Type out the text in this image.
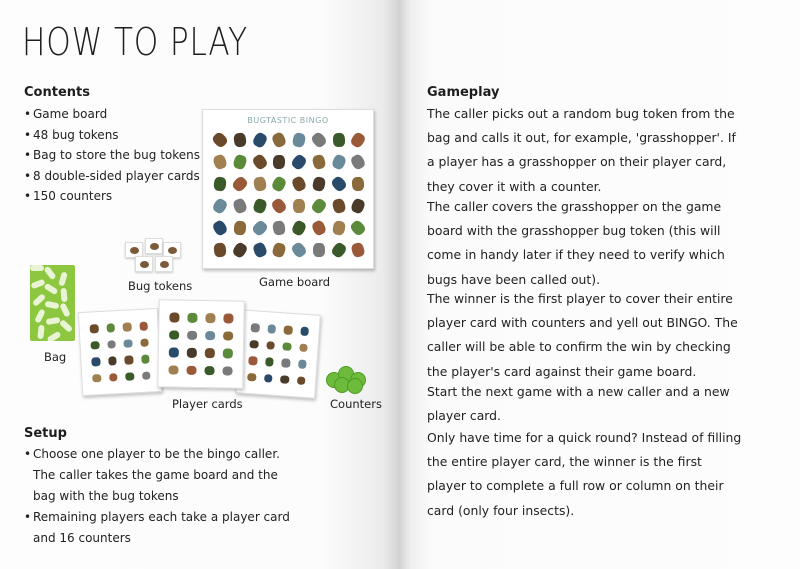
HOW TO PLAY
Contents
• Game board
• 48 bug tokens
• Bag to store the bug tokens
• 8 double-sided player cards
• 150 counters
BUGTASTIC BINGO
Game board
Bug tokens
Bag
Player cards	Counters
Setup
• Choose one player to be the bingo caller.
The caller takes the game board and the
bag with the bug tokens
• Remaining players each take a player card
and 16 counters
Gameplay
The caller picks out a random bug token from the
bag and calls it out, for example, 'grasshopper'. If
a player has a grasshopper on their player card,
they cover it with a counter.
The caller covers the grasshopper on the game
board with the grasshopper bug token (this will
come in handy later if they need to verify which
bugs have been called out).
The winner is the first player to cover their entire
player card with counters and yell out BINGO. The
caller will be able to confirm the win by checking
the player's card against their game board.
Start the next game with a new caller and a new
player card.
Only have time for a quick round? Instead of filling
the entire player card, the winner is the first
player to complete a full row or column on their
card (only four insects).
